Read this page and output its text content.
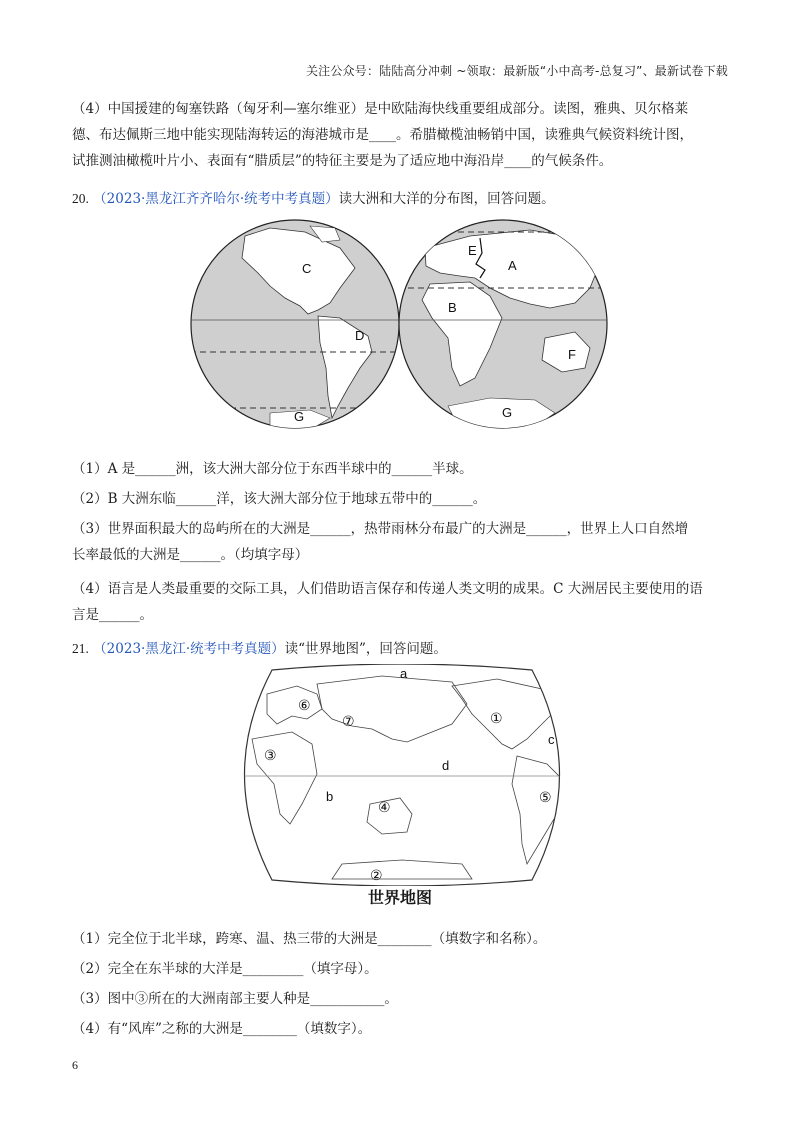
关注公众号：陆陆高分冲刺 ~领取：最新版“小中高考-总复习”、最新试卷下载
（4）中国援建的匈塞铁路（匈牙利—塞尔维亚）是中欧陆海快线重要组成部分。读图，雅典、贝尔格莱
德、布达佩斯三地中能实现陆海转运的海港城市是____。希腊橄榄油畅销中国，读雅典气候资料统计图，
试推测油橄榄叶片小、表面有“腊质层”的特征主要是为了适应地中海沿岸____的气候条件。
20. （2023·黑龙江齐齐哈尔·统考中考真题）读大洲和大洋的分布图，回答问题。
C
D
G
E
A
B
F
G
（1）A 是______洲，该大洲大部分位于东西半球中的______半球。
（2）B 大洲东临______洋，该大洲大部分位于地球五带中的______。
（3）世界面积最大的岛屿所在的大洲是______，热带雨林分布最广的大洲是______，世界上人口自然增
长率最低的大洲是______。（均填字母）
（4）语言是人类最重要的交际工具，人们借助语言保存和传递人类文明的成果。C 大洲居民主要使用的语
言是______。
21. （2023·黑龙江·统考中考真题）读“世界地图”，回答问题。
a
b
c
d
①
②
③
④
⑤
⑥
⑦
世界地图
（1）完全位于北半球，跨寒、温、热三带的大洲是________（填数字和名称）。
（2）完全在东半球的大洋是_________（填字母）。
（3）图中③所在的大洲南部主要人种是___________。
（4）有“风库”之称的大洲是________（填数字）。
6
